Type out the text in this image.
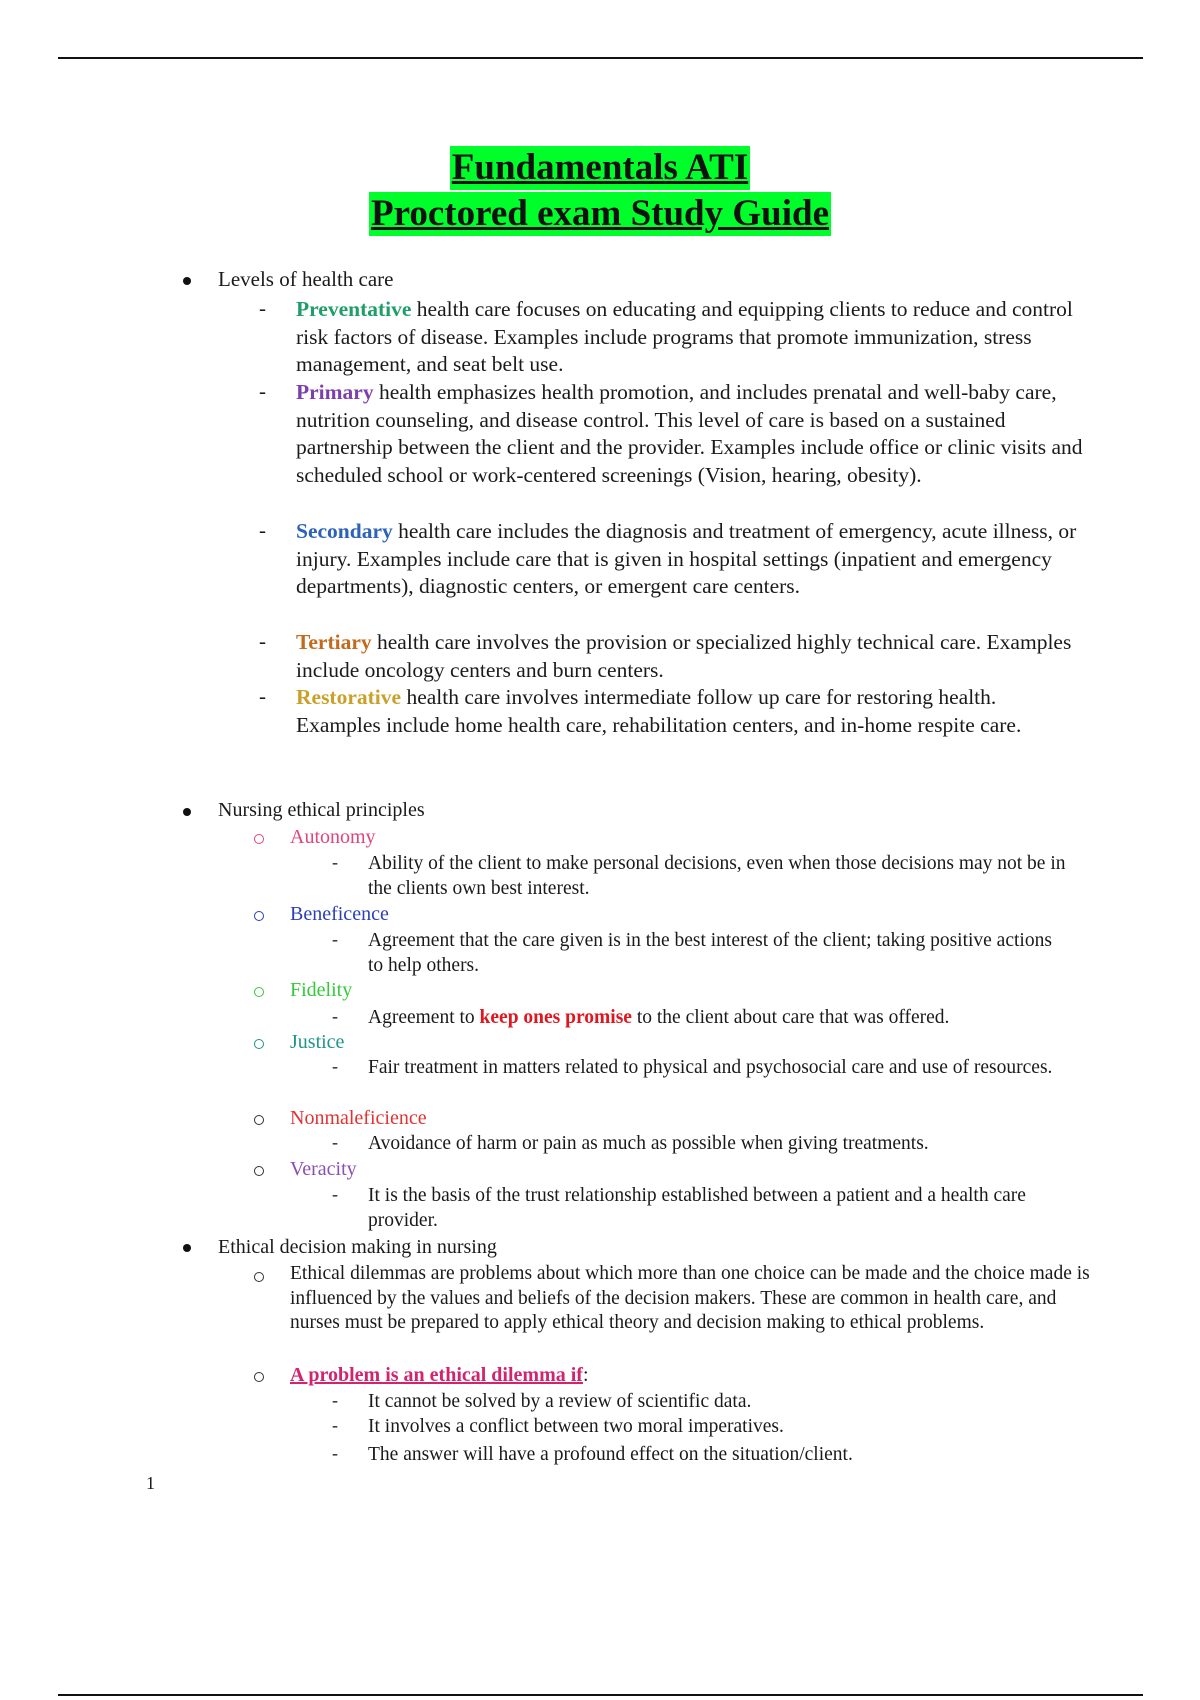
Fundamentals ATI
Proctored exam Study Guide
Levels of health care
- Preventative health care focuses on educating and equipping clients to reduce and control risk factors of disease. Examples include programs that promote immunization, stress management, and seat belt use.
- Primary health emphasizes health promotion, and includes prenatal and well-baby care, nutrition counseling, and disease control. This level of care is based on a sustained partnership between the client and the provider. Examples include office or clinic visits and scheduled school or work-centered screenings (Vision, hearing, obesity).
- Secondary health care includes the diagnosis and treatment of emergency, acute illness, or injury. Examples include care that is given in hospital settings (inpatient and emergency departments), diagnostic centers, or emergent care centers.
- Tertiary health care involves the provision or specialized highly technical care. Examples include oncology centers and burn centers.
- Restorative health care involves intermediate follow up care for restoring health. Examples include home health care, rehabilitation centers, and in-home respite care.
Nursing ethical principles
Autonomy
- Ability of the client to make personal decisions, even when those decisions may not be in the clients own best interest.
Beneficence
- Agreement that the care given is in the best interest of the client; taking positive actions to help others.
Fidelity
- Agreement to keep ones promise to the client about care that was offered.
Justice
- Fair treatment in matters related to physical and psychosocial care and use of resources.
Nonmaleficience
- Avoidance of harm or pain as much as possible when giving treatments.
Veracity
- It is the basis of the trust relationship established between a patient and a health care provider.
Ethical decision making in nursing
Ethical dilemmas are problems about which more than one choice can be made and the choice made is influenced by the values and beliefs of the decision makers. These are common in health care, and nurses must be prepared to apply ethical theory and decision making to ethical problems.
A problem is an ethical dilemma if:
- It cannot be solved by a review of scientific data.
- It involves a conflict between two moral imperatives.
- The answer will have a profound effect on the situation/client.
1
